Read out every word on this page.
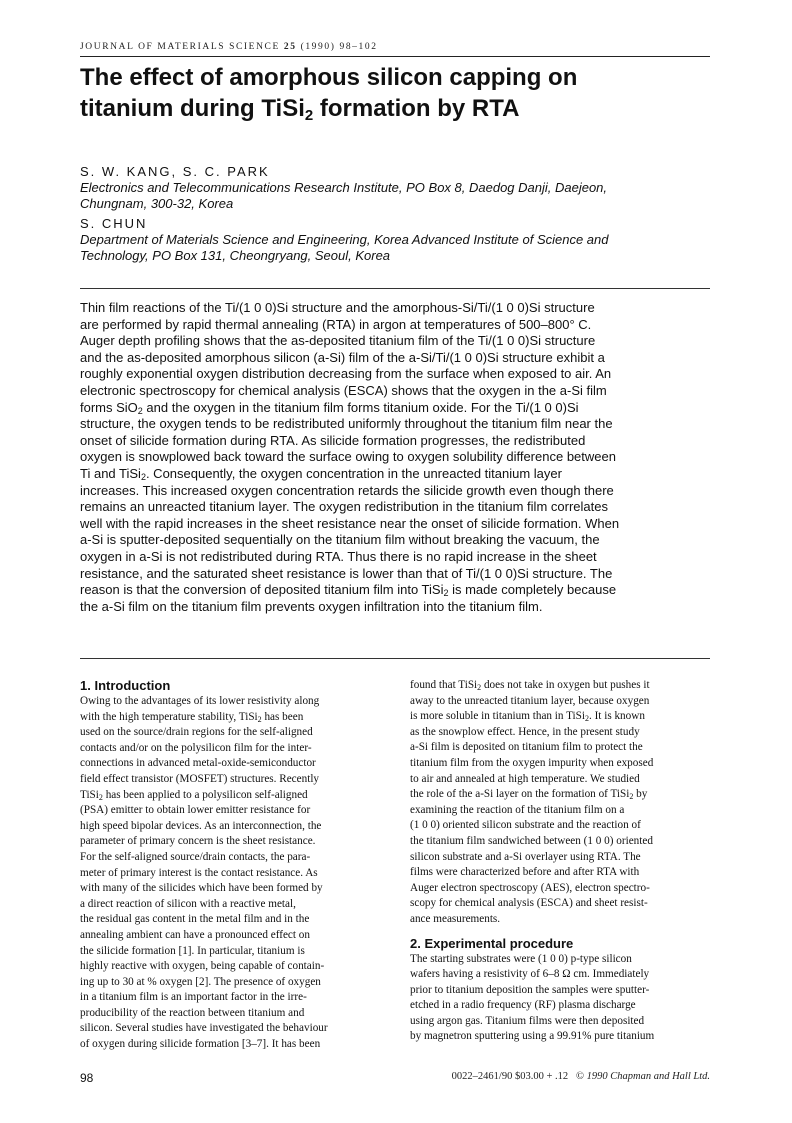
JOURNAL OF MATERIALS SCIENCE 25 (1990) 98–102
The effect of amorphous silicon capping on
titanium during TiSi$_2$ formation by RTA
S. W. KANG, S. C. PARK
Electronics and Telecommunications Research Institute, PO Box 8, Daedog Danji, Daejeon,
Chungnam, 300-32, Korea
S. CHUN
Department of Materials Science and Engineering, Korea Advanced Institute of Science and
Technology, PO Box 131, Cheongryang, Seoul, Korea
Thin film reactions of the Ti/(1 0 0)Si structure and the amorphous-Si/Ti/(1 0 0)Si structure
are performed by rapid thermal annealing (RTA) in argon at temperatures of 500–800° C.
Auger depth profiling shows that the as-deposited titanium film of the Ti/(1 0 0)Si structure
and the as-deposited amorphous silicon (a-Si) film of the a-Si/Ti/(1 0 0)Si structure exhibit a
roughly exponential oxygen distribution decreasing from the surface when exposed to air. An
electronic spectroscopy for chemical analysis (ESCA) shows that the oxygen in the a-Si film
forms SiO$_2$ and the oxygen in the titanium film forms titanium oxide. For the Ti/(1 0 0)Si
structure, the oxygen tends to be redistributed uniformly throughout the titanium film near the
onset of silicide formation during RTA. As silicide formation progresses, the redistributed
oxygen is snowplowed back toward the surface owing to oxygen solubility difference between
Ti and TiSi$_2$. Consequently, the oxygen concentration in the unreacted titanium layer
increases. This increased oxygen concentration retards the silicide growth even though there
remains an unreacted titanium layer. The oxygen redistribution in the titanium film correlates
well with the rapid increases in the sheet resistance near the onset of silicide formation. When
a-Si is sputter-deposited sequentially on the titanium film without breaking the vacuum, the
oxygen in a-Si is not redistributed during RTA. Thus there is no rapid increase in the sheet
resistance, and the saturated sheet resistance is lower than that of Ti/(1 0 0)Si structure. The
reason is that the conversion of deposited titanium film into TiSi$_2$ is made completely because
the a-Si film on the titanium film prevents oxygen infiltration into the titanium film.
1. Introduction
Owing to the advantages of its lower resistivity along
with the high temperature stability, TiSi$_2$ has been
used on the source/drain regions for the self-aligned
contacts and/or on the polysilicon film for the inter-
connections in advanced metal-oxide-semiconductor
field effect transistor (MOSFET) structures. Recently
TiSi$_2$ has been applied to a polysilicon self-aligned
(PSA) emitter to obtain lower emitter resistance for
high speed bipolar devices. As an interconnection, the
parameter of primary concern is the sheet resistance.
For the self-aligned source/drain contacts, the para-
meter of primary interest is the contact resistance. As
with many of the silicides which have been formed by
a direct reaction of silicon with a reactive metal,
the residual gas content in the metal film and in the
annealing ambient can have a pronounced effect on
the silicide formation [1]. In particular, titanium is
highly reactive with oxygen, being capable of contain-
ing up to 30 at % oxygen [2]. The presence of oxygen
in a titanium film is an important factor in the irre-
producibility of the reaction between titanium and
silicon. Several studies have investigated the behaviour
of oxygen during silicide formation [3–7]. It has been
found that TiSi$_2$ does not take in oxygen but pushes it
away to the unreacted titanium layer, because oxygen
is more soluble in titanium than in TiSi$_2$. It is known
as the snowplow effect. Hence, in the present study
a-Si film is deposited on titanium film to protect the
titanium film from the oxygen impurity when exposed
to air and annealed at high temperature. We studied
the role of the a-Si layer on the formation of TiSi$_2$ by
examining the reaction of the titanium film on a
(1 0 0) oriented silicon substrate and the reaction of
the titanium film sandwiched between (1 0 0) oriented
silicon substrate and a-Si overlayer using RTA. The
films were characterized before and after RTA with
Auger electron spectroscopy (AES), electron spectro-
scopy for chemical analysis (ESCA) and sheet resist-
ance measurements.
2. Experimental procedure
The starting substrates were (1 0 0) p-type silicon
wafers having a resistivity of 6–8 Ω cm. Immediately
prior to titanium deposition the samples were sputter-
etched in a radio frequency (RF) plasma discharge
using argon gas. Titanium films were then deposited
by magnetron sputtering using a 99.91% pure titanium
98	0022–2461/90 $03.00 + .12 © 1990 Chapman and Hall Ltd.
